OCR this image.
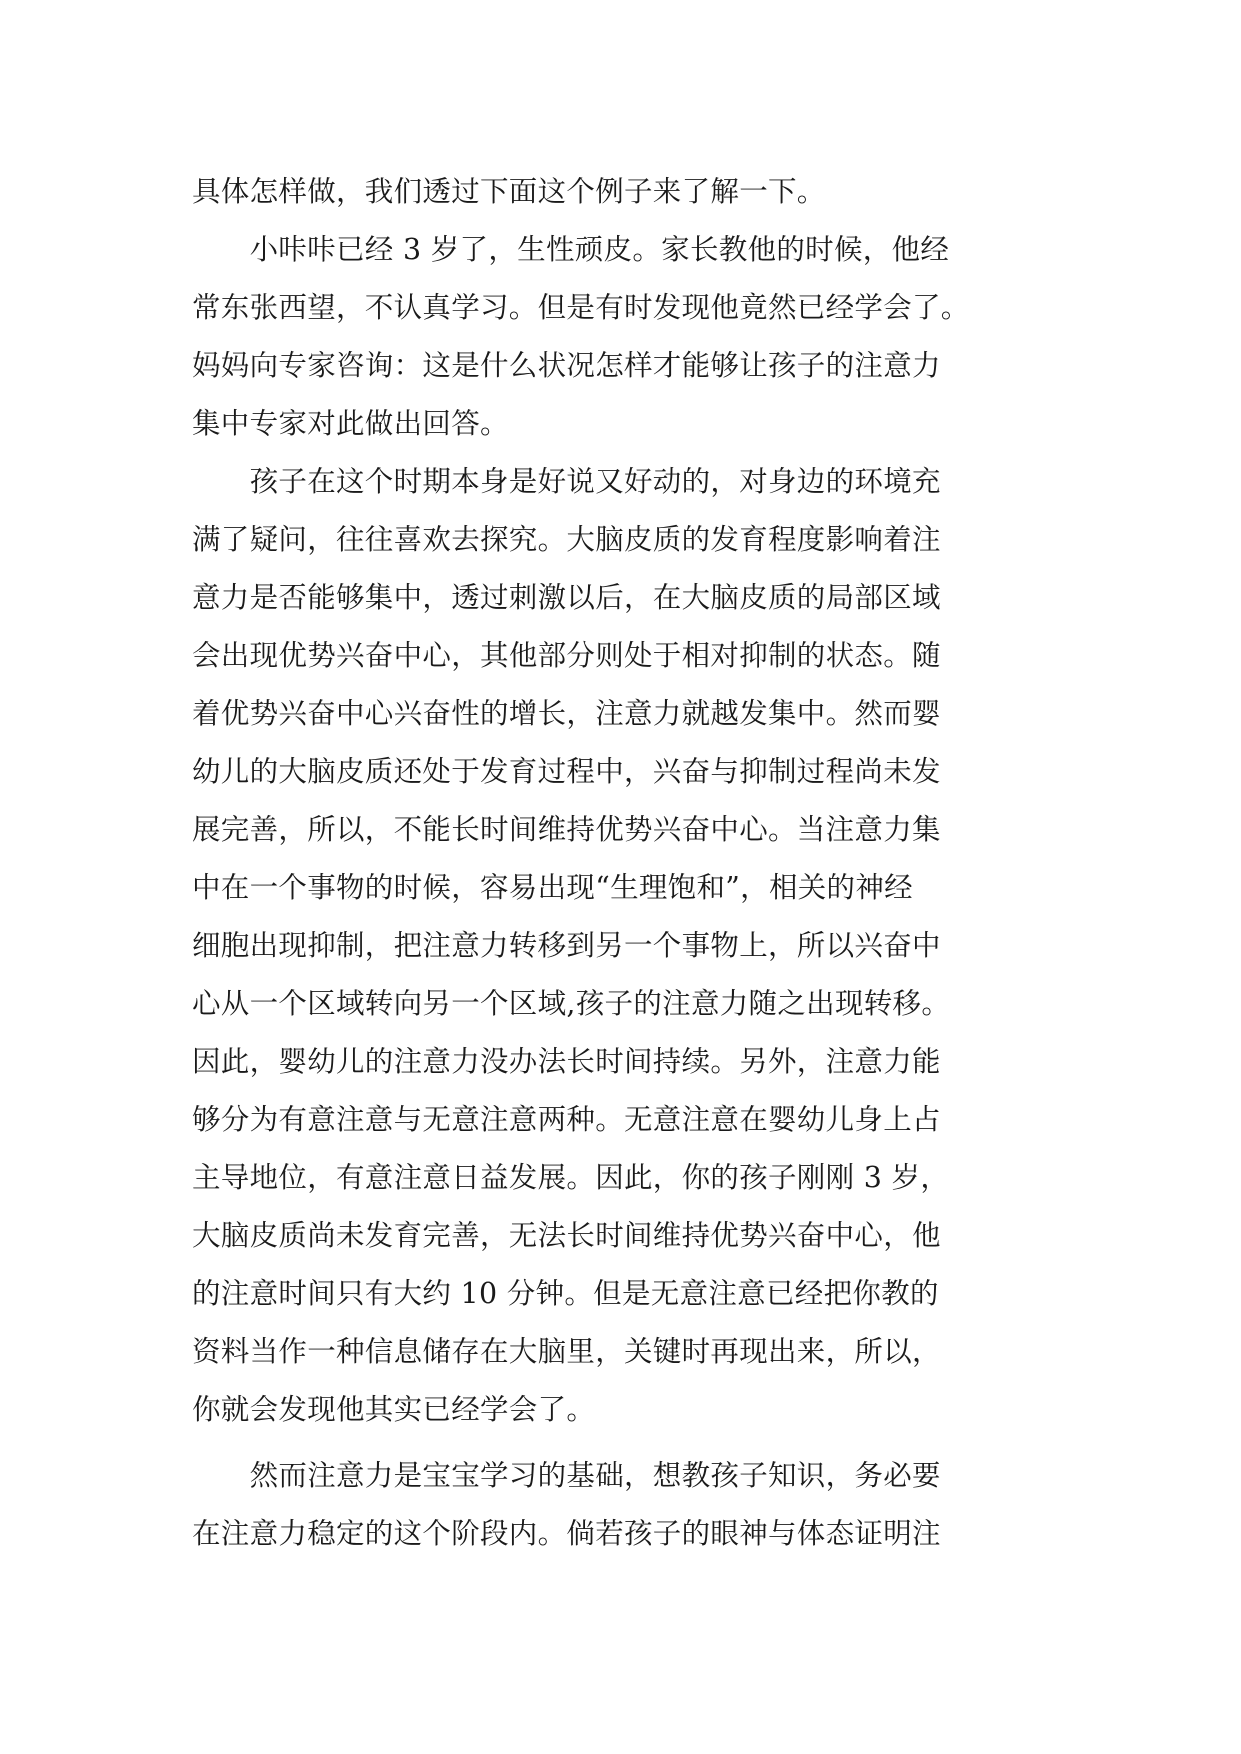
具体怎样做，我们透过下面这个例子来了解一下。
　　小咔咔已经 3 岁了，生性顽皮。家长教他的时候，他经
常东张西望，不认真学习。但是有时发现他竟然已经学会了。
妈妈向专家咨询：这是什么状况怎样才能够让孩子的注意力
集中专家对此做出回答。
　　孩子在这个时期本身是好说又好动的，对身边的环境充
满了疑问，往往喜欢去探究。大脑皮质的发育程度影响着注
意力是否能够集中，透过刺激以后，在大脑皮质的局部区域
会出现优势兴奋中心，其他部分则处于相对抑制的状态。随
着优势兴奋中心兴奋性的增长，注意力就越发集中。然而婴
幼儿的大脑皮质还处于发育过程中，兴奋与抑制过程尚未发
展完善，所以，不能长时间维持优势兴奋中心。当注意力集
中在一个事物的时候，容易出现“生理饱和”，相关的神经
细胞出现抑制，把注意力转移到另一个事物上，所以兴奋中
心从一个区域转向另一个区域,孩子的注意力随之出现转移。
因此，婴幼儿的注意力没办法长时间持续。另外，注意力能
够分为有意注意与无意注意两种。无意注意在婴幼儿身上占
主导地位，有意注意日益发展。因此，你的孩子刚刚 3 岁，
大脑皮质尚未发育完善，无法长时间维持优势兴奋中心，他
的注意时间只有大约 10 分钟。但是无意注意已经把你教的
资料当作一种信息储存在大脑里，关键时再现出来，所以，
你就会发现他其实已经学会了。
　　然而注意力是宝宝学习的基础，想教孩子知识，务必要
在注意力稳定的这个阶段内。倘若孩子的眼神与体态证明注
